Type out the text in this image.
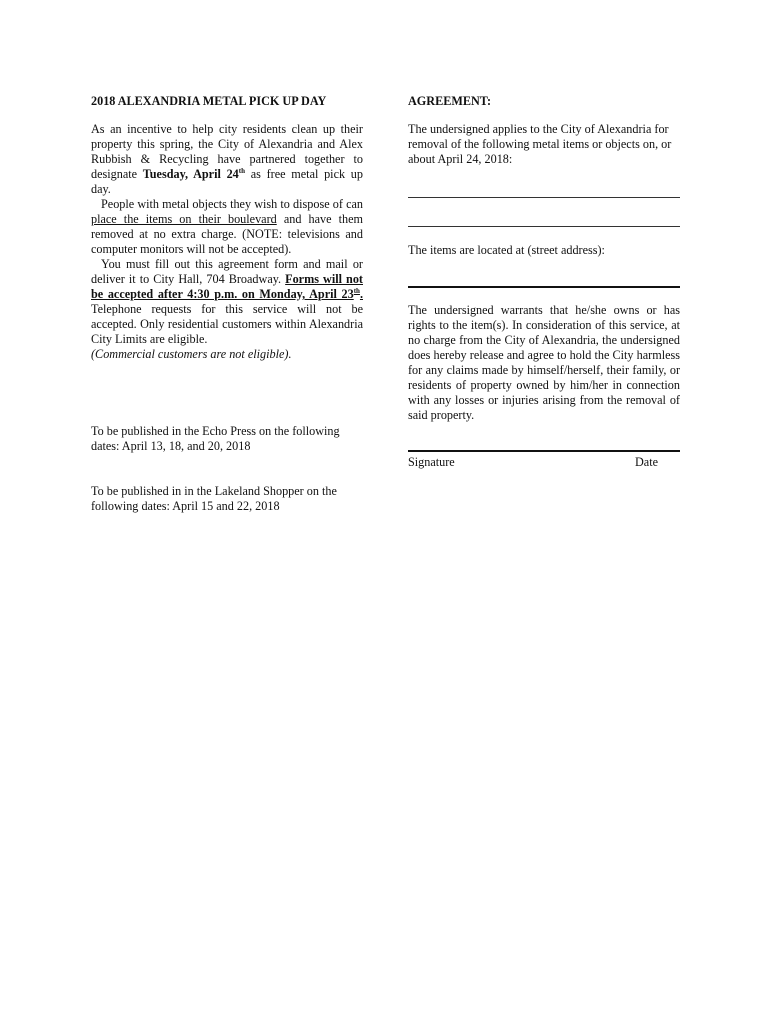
2018 ALEXANDRIA METAL PICK UP DAY

As an incentive to help city residents clean up their property this spring, the City of Alexandria and Alex Rubbish & Recycling have partnered together to designate Tuesday, April 24th as free metal pick up day.

People with metal objects they wish to dispose of can place the items on their boulevard and have them removed at no extra charge. (NOTE: televisions and computer monitors will not be accepted).

You must fill out this agreement form and mail or deliver it to City Hall, 704 Broadway. Forms will not be accepted after 4:30 p.m. on Monday, April 23th. Telephone requests for this service will not be accepted. Only residential customers within Alexandria City Limits are eligible.

(Commercial customers are not eligible).

To be published in the Echo Press on the following dates: April 13, 18, and 20, 2018

To be published in in the Lakeland Shopper on the following dates: April 15 and 22, 2018

AGREEMENT:

The undersigned applies to the City of Alexandria for removal of the following metal items or objects on, or about April 24, 2018:

The items are located at (street address):

The undersigned warrants that he/she owns or has rights to the item(s). In consideration of this service, at no charge from the City of Alexandria, the undersigned does hereby release and agree to hold the City harmless for any claims made by himself/herself, their family, or residents of property owned by him/her in connection with any losses or injuries arising from the removal of said property.

Signature	Date
